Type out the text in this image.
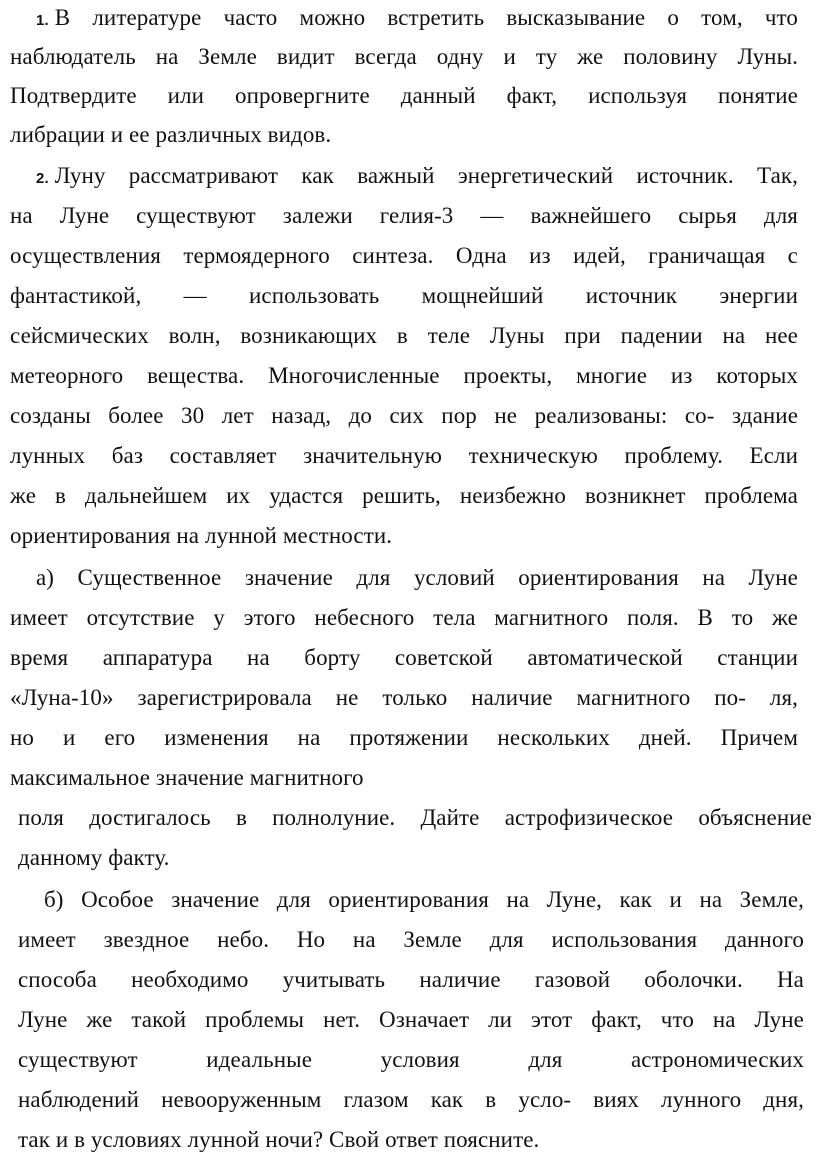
1. В литературе часто можно встретить высказывание о том, что
наблюдатель на Земле видит всегда одну и ту же половину Луны.
Подтвердите или опровергните данный факт, используя понятие
либрации и ее различных видов.
2. Луну рассматривают как важный энергетический источник. Так,
на Луне существуют залежи гелия-3 — важнейшего сырья для
осуществления термоядерного синтеза. Одна из идей, граничащая с
фантастикой, — использовать мощнейший источник энергии
сейсмических волн, возникающих в теле Луны при падении на нее
метеорного вещества. Многочисленные проекты, многие из которых
созданы более 30 лет назад, до сих пор не реализованы: со- здание
лунных баз составляет значительную техническую проблему. Если
же в дальнейшем их удастся решить, неизбежно возникнет проблема
ориентирования на лунной местности.
а) Существенное значение для условий ориентирования на Луне
имеет отсутствие у этого небесного тела магнитного поля. В то же
время аппаратура на борту советской автоматической станции
«Луна-10» зарегистрировала не только наличие магнитного по- ля,
но и его изменения на протяжении нескольких дней. Причем
максимальное значение магнитного
поля достигалось в полнолуние. Дайте астрофизическое объяснение
данному факту.
б) Особое значение для ориентирования на Луне, как и на Земле,
имеет звездное небо. Но на Земле для использования данного
способа необходимо учитывать наличие газовой оболочки. На
Луне же такой проблемы нет. Означает ли этот факт, что на Луне
существуют идеальные условия для астрономических
наблюдений невооруженным глазом как в усло- виях лунного дня,
так и в условиях лунной ночи? Свой ответ поясните.
